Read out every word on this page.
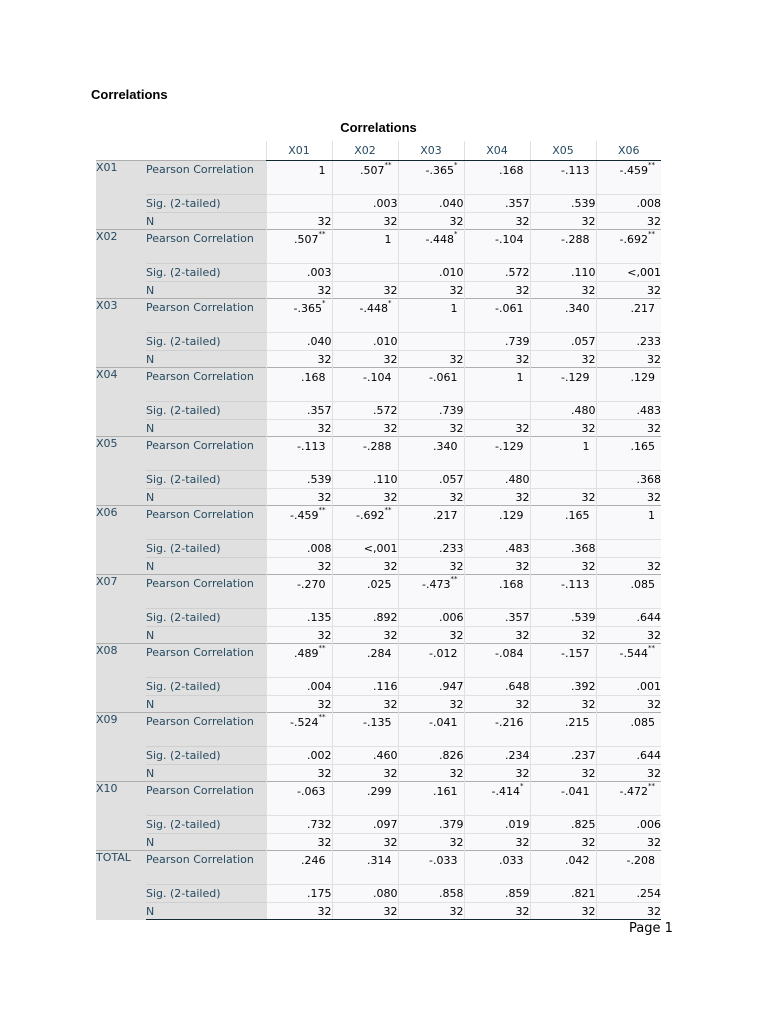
Correlations
Correlations
		X01	X02	X03	X04	X05	X06
X01	Pearson Correlation	1	.507**	-.365*	.168	-.113	-.459**

	Sig. (2-tailed)		.003	.040	.357	.539	.008
	N	32	32	32	32	32	32
X02	Pearson Correlation	.507**	1	-.448*	-.104	-.288	-.692**

	Sig. (2-tailed)	.003		.010	.572	.110	<,001
	N	32	32	32	32	32	32
X03	Pearson Correlation	-.365*	-.448*	1	-.061	.340	.217

	Sig. (2-tailed)	.040	.010		.739	.057	.233
	N	32	32	32	32	32	32
X04	Pearson Correlation	.168	-.104	-.061	1	-.129	.129

	Sig. (2-tailed)	.357	.572	.739		.480	.483
	N	32	32	32	32	32	32
X05	Pearson Correlation	-.113	-.288	.340	-.129	1	.165

	Sig. (2-tailed)	.539	.110	.057	.480		.368
	N	32	32	32	32	32	32
X06	Pearson Correlation	-.459**	-.692**	.217	.129	.165	1

	Sig. (2-tailed)	.008	<,001	.233	.483	.368	
	N	32	32	32	32	32	32
X07	Pearson Correlation	-.270	.025	-.473**	.168	-.113	.085

	Sig. (2-tailed)	.135	.892	.006	.357	.539	.644
	N	32	32	32	32	32	32
X08	Pearson Correlation	.489**	.284	-.012	-.084	-.157	-.544**

	Sig. (2-tailed)	.004	.116	.947	.648	.392	.001
	N	32	32	32	32	32	32
X09	Pearson Correlation	-.524**	-.135	-.041	-.216	.215	.085

	Sig. (2-tailed)	.002	.460	.826	.234	.237	.644
	N	32	32	32	32	32	32
X10	Pearson Correlation	-.063	.299	.161	-.414*	-.041	-.472**

	Sig. (2-tailed)	.732	.097	.379	.019	.825	.006
	N	32	32	32	32	32	32
TOTAL	Pearson Correlation	.246	.314	-.033	.033	.042	-.208

	Sig. (2-tailed)	.175	.080	.858	.859	.821	.254
	N	32	32	32	32	32	32
Page 1
